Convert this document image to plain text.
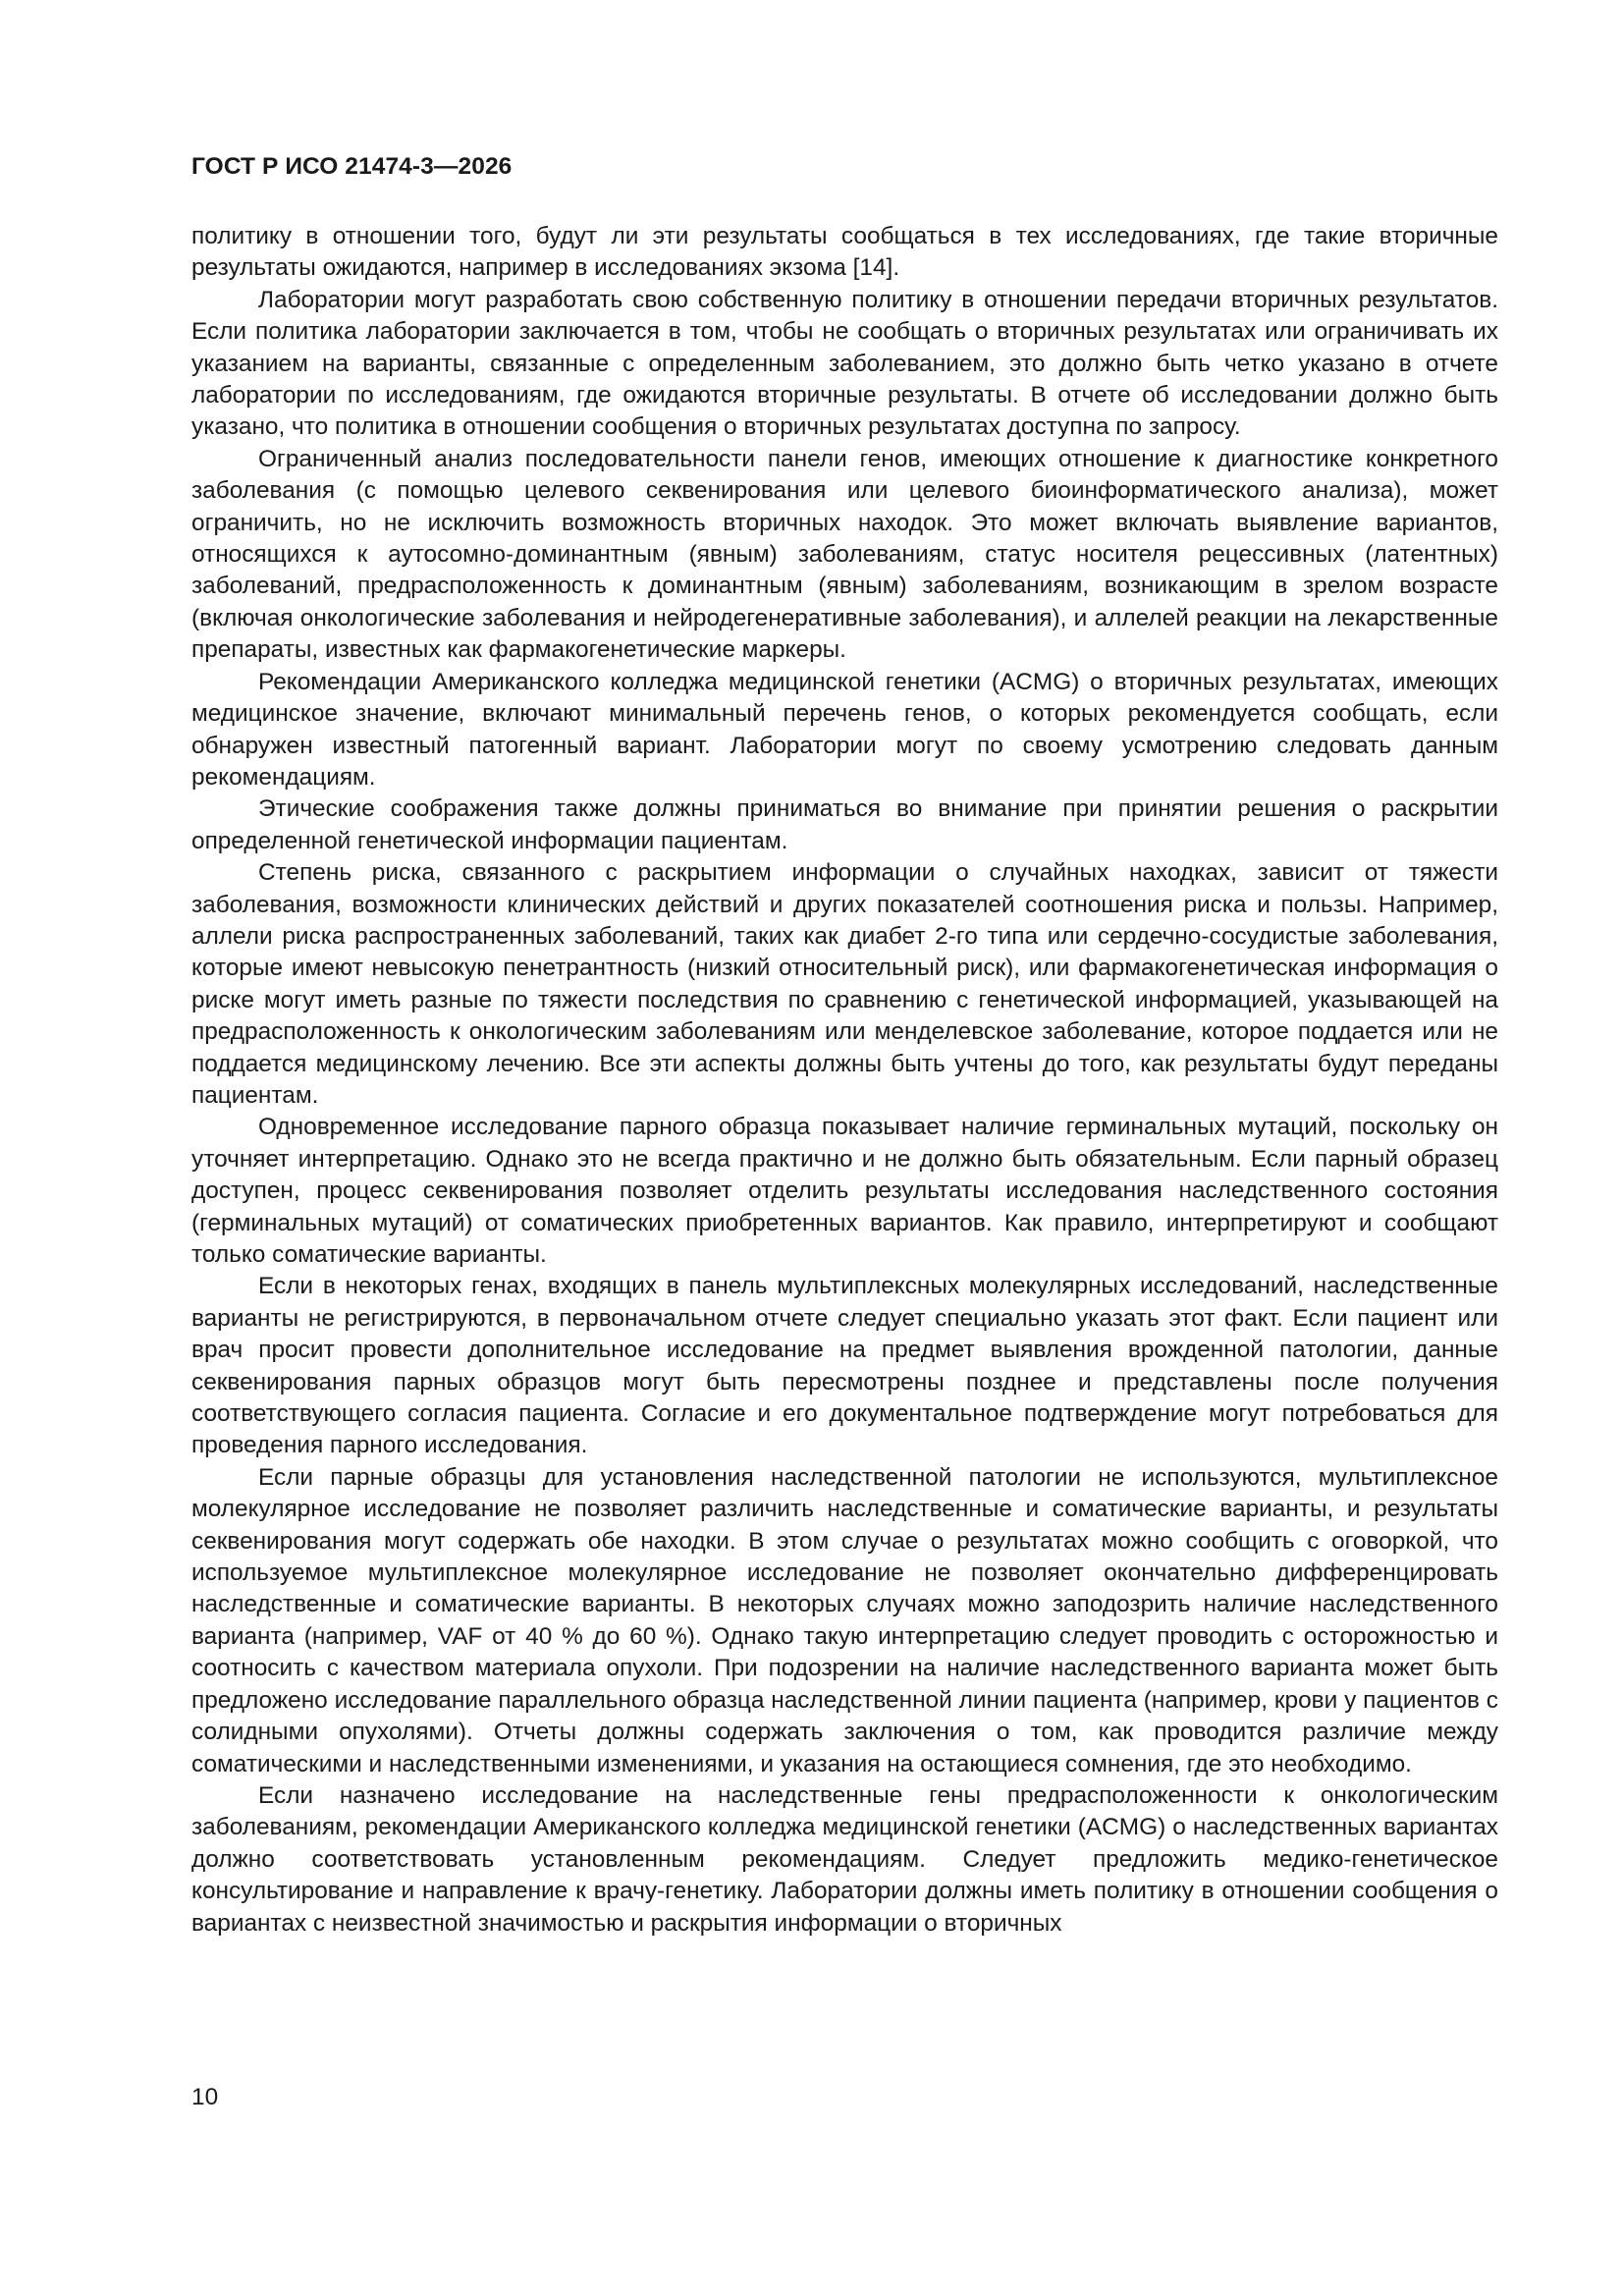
ГОСТ Р ИСО 21474-3—2026

политику в отношении того, будут ли эти результаты сообщаться в тех исследованиях, где такие вторичные результаты ожидаются, например в исследованиях экзома [14].

Лаборатории могут разработать свою собственную политику в отношении передачи вторичных результатов. Если политика лаборатории заключается в том, чтобы не сообщать о вторичных результатах или ограничивать их указанием на варианты, связанные с определенным заболеванием, это должно быть четко указано в отчете лаборатории по исследованиям, где ожидаются вторичные результаты. В отчете об исследовании должно быть указано, что политика в отношении сообщения о вторичных результатах доступна по запросу.

Ограниченный анализ последовательности панели генов, имеющих отношение к диагностике конкретного заболевания (с помощью целевого секвенирования или целевого биоинформатического анализа), может ограничить, но не исключить возможность вторичных находок. Это может включать выявление вариантов, относящихся к аутосомно-доминантным (явным) заболеваниям, статус носителя рецессивных (латентных) заболеваний, предрасположенность к доминантным (явным) заболеваниям, возникающим в зрелом возрасте (включая онкологические заболевания и нейродегенеративные заболевания), и аллелей реакции на лекарственные препараты, известных как фармакогенетические маркеры.

Рекомендации Американского колледжа медицинской генетики (ACMG) о вторичных результатах, имеющих медицинское значение, включают минимальный перечень генов, о которых рекомендуется сообщать, если обнаружен известный патогенный вариант. Лаборатории могут по своему усмотрению следовать данным рекомендациям.

Этические соображения также должны приниматься во внимание при принятии решения о раскрытии определенной генетической информации пациентам.

Степень риска, связанного с раскрытием информации о случайных находках, зависит от тяжести заболевания, возможности клинических действий и других показателей соотношения риска и пользы. Например, аллели риска распространенных заболеваний, таких как диабет 2-го типа или сердечно-сосудистые заболевания, которые имеют невысокую пенетрантность (низкий относительный риск), или фармакогенетическая информация о риске могут иметь разные по тяжести последствия по сравнению с генетической информацией, указывающей на предрасположенность к онкологическим заболеваниям или менделевское заболевание, которое поддается или не поддается медицинскому лечению. Все эти аспекты должны быть учтены до того, как результаты будут переданы пациентам.

Одновременное исследование парного образца показывает наличие герминальных мутаций, поскольку он уточняет интерпретацию. Однако это не всегда практично и не должно быть обязательным. Если парный образец доступен, процесс секвенирования позволяет отделить результаты исследования наследственного состояния (герминальных мутаций) от соматических приобретенных вариантов. Как правило, интерпретируют и сообщают только соматические варианты.

Если в некоторых генах, входящих в панель мультиплексных молекулярных исследований, наследственные варианты не регистрируются, в первоначальном отчете следует специально указать этот факт. Если пациент или врач просит провести дополнительное исследование на предмет выявления врожденной патологии, данные секвенирования парных образцов могут быть пересмотрены позднее и представлены после получения соответствующего согласия пациента. Согласие и его документальное подтверждение могут потребоваться для проведения парного исследования.

Если парные образцы для установления наследственной патологии не используются, мультиплексное молекулярное исследование не позволяет различить наследственные и соматические варианты, и результаты секвенирования могут содержать обе находки. В этом случае о результатах можно сообщить с оговоркой, что используемое мультиплексное молекулярное исследование не позволяет окончательно дифференцировать наследственные и соматические варианты. В некоторых случаях можно заподозрить наличие наследственного варианта (например, VAF от 40 % до 60 %). Однако такую интерпретацию следует проводить с осторожностью и соотносить с качеством материала опухоли. При подозрении на наличие наследственного варианта может быть предложено исследование параллельного образца наследственной линии пациента (например, крови у пациентов с солидными опухолями). Отчеты должны содержать заключения о том, как проводится различие между соматическими и наследственными изменениями, и указания на остающиеся сомнения, где это необходимо.

Если назначено исследование на наследственные гены предрасположенности к онкологическим заболеваниям, рекомендации Американского колледжа медицинской генетики (ACMG) о наследственных вариантах должно соответствовать установленным рекомендациям. Следует предложить медико-генетическое консультирование и направление к врачу-генетику. Лаборатории должны иметь политику в отношении сообщения о вариантах с неизвестной значимостью и раскрытия информации о вторичных

10
